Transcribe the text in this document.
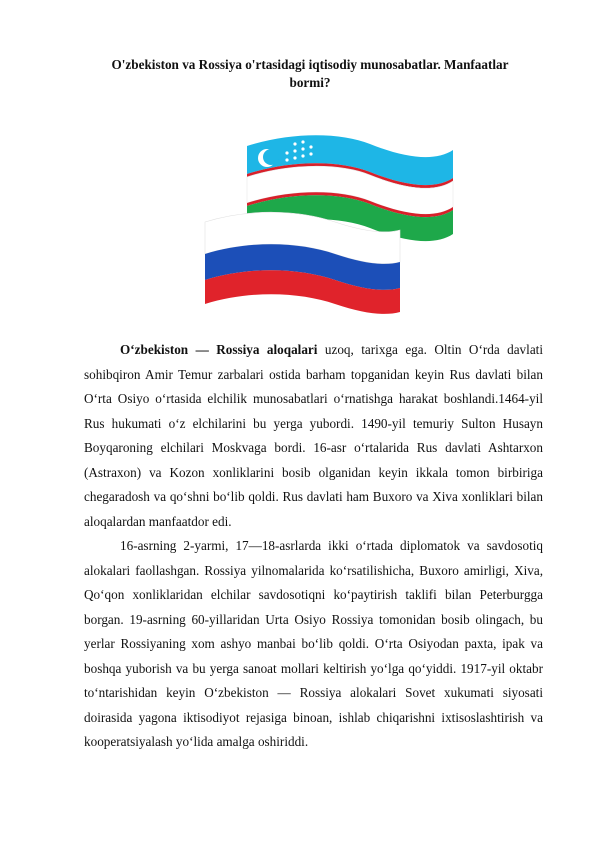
O'zbekiston va Rossiya o'rtasidagi iqtisodiy munosabatlar. Manfaatlar bormi?

O‘zbekiston — Rossiya aloqalari uzoq, tarixga ega. Oltin O‘rda davlati sohibqiron Amir Temur zarbalari ostida barham topganidan keyin Rus davlati bilan O‘rta Osiyo o‘rtasida elchilik munosabatlari o‘rnatishga harakat boshlandi.1464-yil Rus hukumati o‘z elchilarini bu yerga yubordi. 1490-yil temuriy Sulton Husayn Boyqaroning elchilari Moskvaga bordi. 16-asr o‘rtalarida Rus davlati Ashtarxon (Astraxon) va Kozon xonliklarini bosib olganidan keyin ikkala tomon birbiriga chegaradosh va qo‘shni bo‘lib qoldi. Rus davlati ham Buxoro va Xiva xonliklari bilan aloqalardan manfaatdor edi.

16-asrning 2-yarmi, 17—18-asrlarda ikki o‘rtada diplomatok va savdosotiq alokalari faollashgan. Rossiya yilnomalarida ko‘rsatilishicha, Buxoro amirligi, Xiva, Qo‘qon xonliklaridan elchilar savdosotiqni ko‘paytirish taklifi bilan Peterburgga borgan. 19-asrning 60-yillaridan Urta Osiyo Rossiya tomonidan bosib olingach, bu yerlar Rossiyaning xom ashyo manbai bo‘lib qoldi. O‘rta Osiyodan paxta, ipak va boshqa yuborish va bu yerga sanoat mollari keltirish yo‘lga qo‘yiddi. 1917-yil oktabr to‘ntarishidan keyin O‘zbekiston — Rossiya alokalari Sovet xukumati siyosati doirasida yagona iktisodiyot rejasiga binoan, ishlab chiqarishni ixtisoslashtirish va kooperatsiyalash yo‘lida amalga oshiriddi.
